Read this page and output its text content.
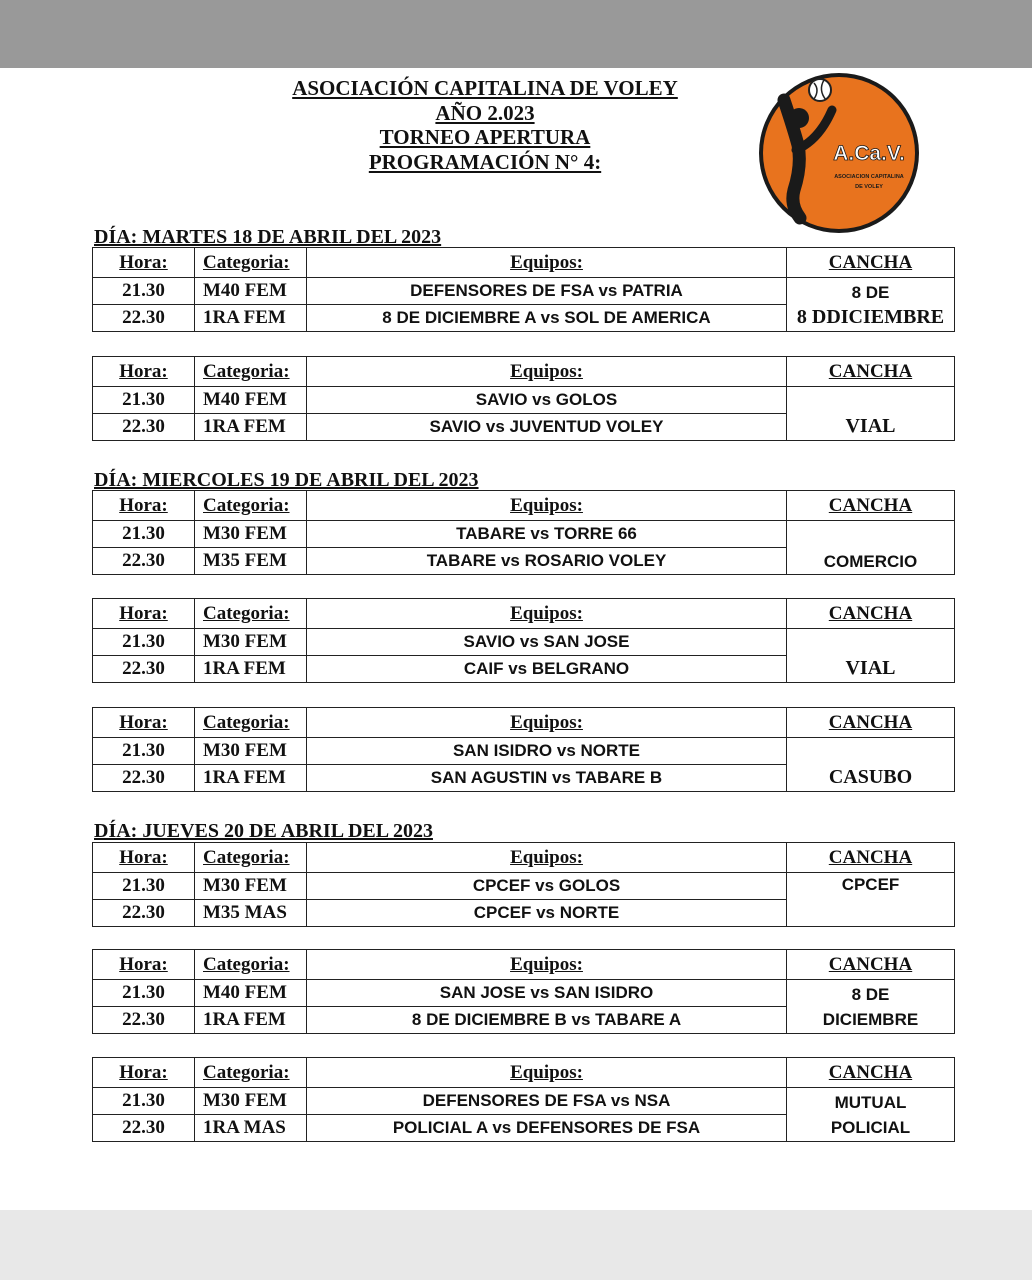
ASOCIACIÓN CAPITALINA DE VOLEY
AÑO 2.023
TORNEO APERTURA
PROGRAMACIÓN N° 4:	A.Ca.V.
ASOCIACION CAPITALINA
DE VOLEY
DÍA: MARTES 18 DE ABRIL DEL 2023
Hora:	Categoria:	Equipos:	CANCHA
21.30	M40 FEM	DEFENSORES DE FSA vs PATRIA	8 DE
8 DDICIEMBRE

22.30	1RA FEM	8 DE DICIEMBRE A vs SOL DE AMERICA	
Hora:	Categoria:	Equipos:	CANCHA
21.30	M40 FEM	SAVIO vs GOLOS	VIAL

22.30	1RA FEM	SAVIO vs JUVENTUD VOLEY	
DÍA: MIERCOLES 19 DE ABRIL DEL 2023
Hora:	Categoria:	Equipos:	CANCHA
21.30	M30 FEM	TABARE vs TORRE 66	COMERCIO

22.30	M35 FEM	TABARE vs ROSARIO VOLEY	
Hora:	Categoria:	Equipos:	CANCHA
21.30	M30 FEM	SAVIO vs SAN JOSE	VIAL

22.30	1RA FEM	CAIF vs BELGRANO	
Hora:	Categoria:	Equipos:	CANCHA
21.30	M30 FEM	SAN ISIDRO vs NORTE	CASUBO

22.30	1RA FEM	SAN AGUSTIN vs TABARE B	
DÍA: JUEVES 20 DE ABRIL DEL 2023
Hora:	Categoria:	Equipos:	CANCHA
21.30	M30 FEM	CPCEF vs GOLOS	CPCEF

22.30	M35 MAS	CPCEF vs NORTE	
Hora:	Categoria:	Equipos:	CANCHA
21.30	M40 FEM	SAN JOSE vs SAN ISIDRO	8 DE
DICIEMBRE

22.30	1RA FEM	8 DE DICIEMBRE B vs TABARE A	
Hora:	Categoria:	Equipos:	CANCHA
21.30	M30 FEM	DEFENSORES DE FSA vs NSA	MUTUAL
POLICIAL

22.30	1RA MAS	POLICIAL A vs DEFENSORES DE FSA	
